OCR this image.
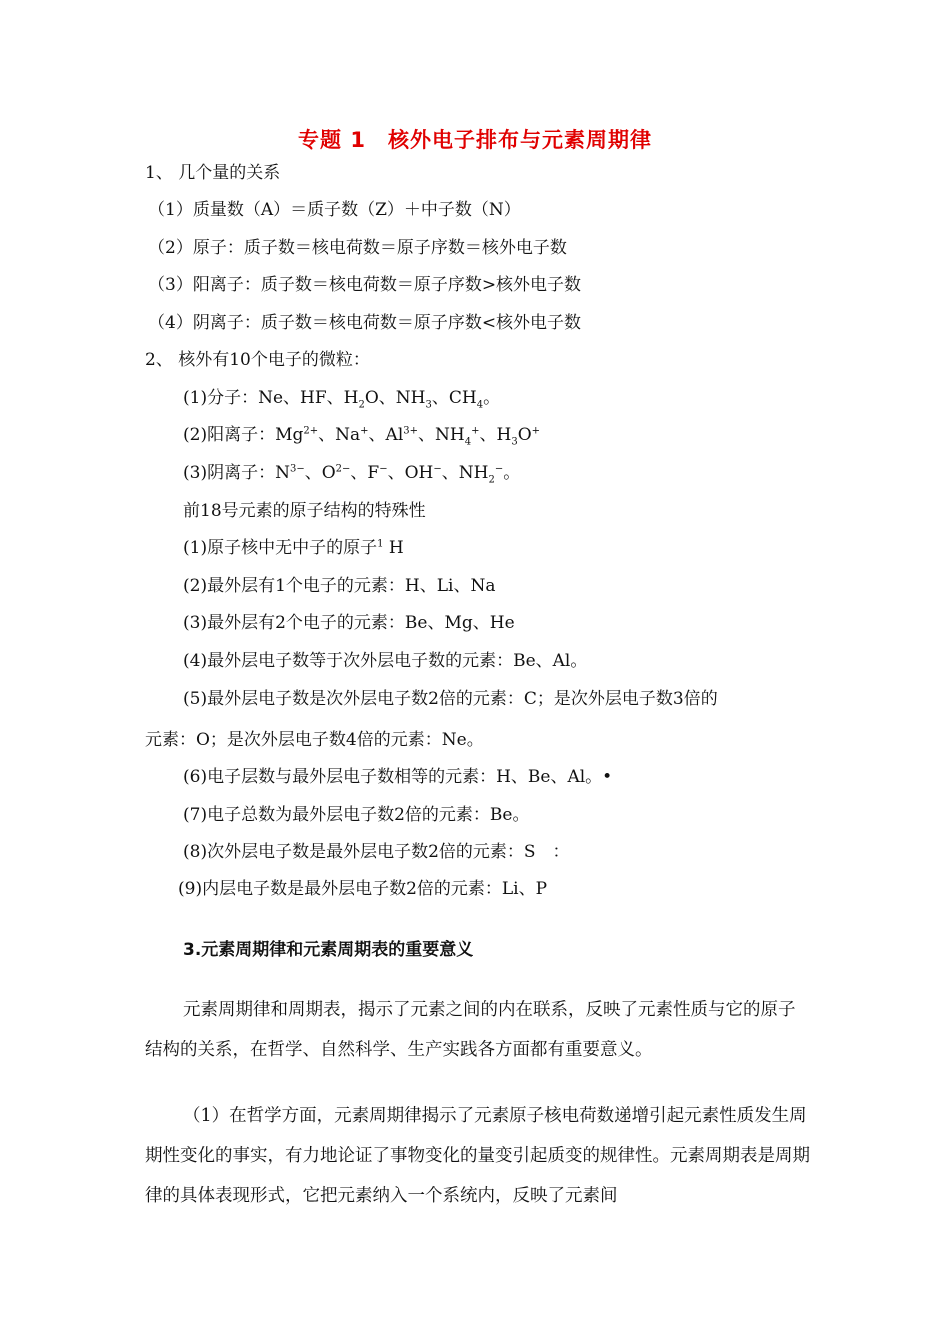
专题 1　核外电子排布与元素周期律
1、 几个量的关系
（1）质量数（A）＝质子数（Z）＋中子数（N）
（2）原子：质子数＝核电荷数＝原子序数＝核外电子数
（3）阳离子：质子数＝核电荷数＝原子序数>核外电子数
（4）阴离子：质子数＝核电荷数＝原子序数<核外电子数
2、 核外有10个电子的微粒：
(1)分子：Ne、HF、$H_2O$、$NH_3$、$CH_4$。
(2)阳离子：$Mg^{2+}$、Na+、$Al^{3+}$、$NH_4^+$、$H_3O^+$
(3)阴离子：$N^{3-}$、$O^{2-}$、F−、OH−、$NH_2^-$。
前18号元素的原子结构的特殊性
(1)原子核中无中子的原子$^1$ H
(2)最外层有1个电子的元素：H、Li、Na
(3)最外层有2个电子的元素：Be、Mg、He
(4)最外层电子数等于次外层电子数的元素：Be、Al。
(5)最外层电子数是次外层电子数2倍的元素：C；是次外层电子数3倍的
元素：O；是次外层电子数4倍的元素：Ne。
(6)电子层数与最外层电子数相等的元素：H、Be、Al。•
(7)电子总数为最外层电子数2倍的元素：Be。
(8)次外层电子数是最外层电子数2倍的元素：S　：
(9)内层电子数是最外层电子数2倍的元素：Li、P
3.元素周期律和元素周期表的重要意义
元素周期律和周期表，揭示了元素之间的内在联系，反映了元素性质与它的原子结构的关系，在哲学、自然科学、生产实践各方面都有重要意义。
（1）在哲学方面，元素周期律揭示了元素原子核电荷数递增引起元素性质发生周期性变化的事实，有力地论证了事物变化的量变引起质变的规律性。元素周期表是周期律的具体表现形式，它把元素纳入一个系统内，反映了元素间
